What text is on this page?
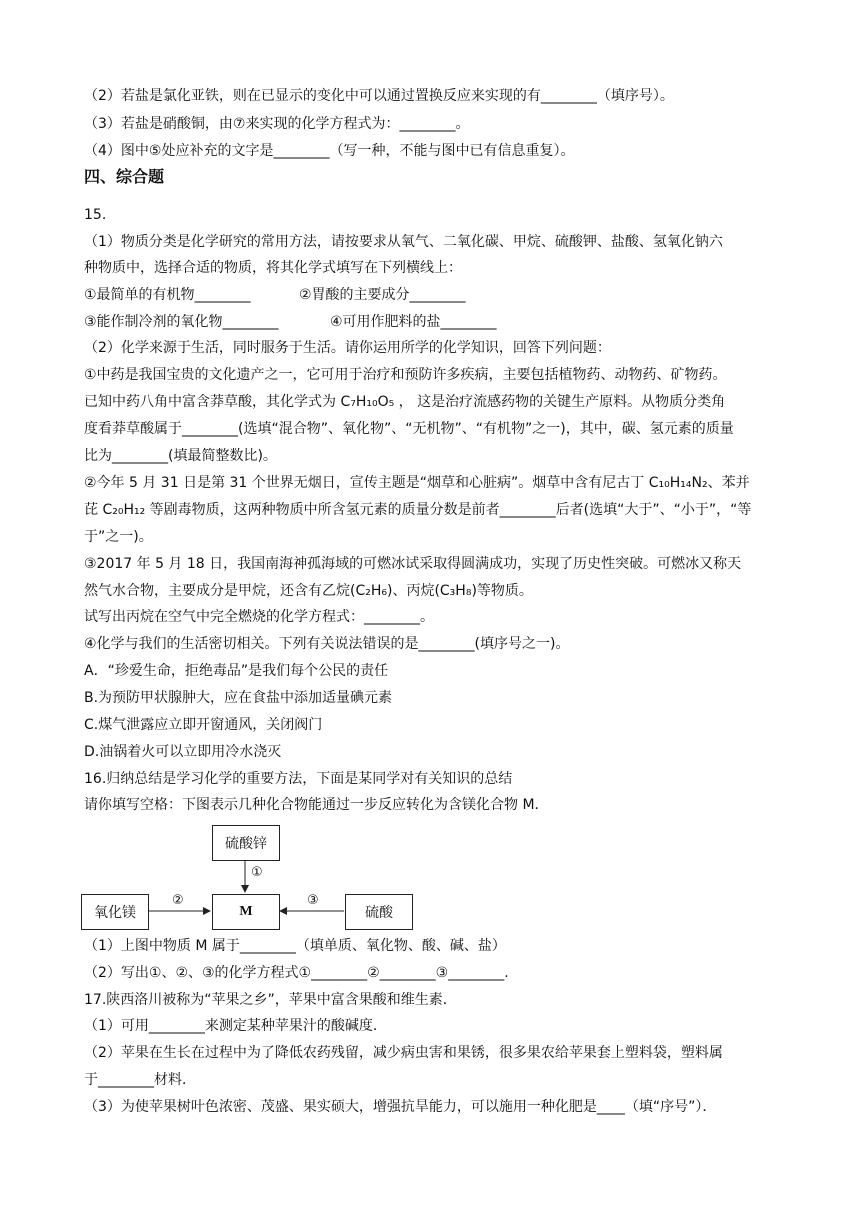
（2）若盐是氯化亚铁，则在已显示的变化中可以通过置换反应来实现的有________（填序号）。
（3）若盐是硝酸铜，由⑦来实现的化学方程式为：________。
（4）图中⑤处应补充的文字是________（写一种，不能与图中已有信息重复）。
四、综合题
15.
（1）物质分类是化学研究的常用方法，请按要求从氧气、二氧化碳、甲烷、硫酸钾、盐酸、氢氧化钠六
种物质中，选择合适的物质，将其化学式填写在下列横线上：
①最简单的有机物________	②胃酸的主要成分________
③能作制冷剂的氧化物________	④可用作肥料的盐________
（2）化学来源于生活，同时服务于生活。请你运用所学的化学知识，回答下列问题：
①中药是我国宝贵的文化遗产之一，它可用于治疗和预防许多疾病，主要包括植物药、动物药、矿物药。
已知中药八角中富含莽草酸，其化学式为 C₇H₁₀O₅ ， 这是治疗流感药物的关键生产原料。从物质分类角
度看莽草酸属于________(选填“混合物”、氧化物”、“无机物”、“有机物”之一)，其中，碳、氢元素的质量
比为________(填最简整数比)。
②今年 5 月 31 日是第 31 个世界无烟日，宣传主题是“烟草和心脏病”。烟草中含有尼古丁 C₁₀H₁₄N₂、苯并
芘 C₂₀H₁₂ 等剧毒物质，这两种物质中所含氢元素的质量分数是前者________后者(选填“大于”、“小于”，“等
于”之一)。
③2017 年 5 月 18 日，我国南海神孤海域的可燃冰试采取得圆满成功，实现了历史性突破。可燃冰又称天
然气水合物，主要成分是甲烷，还含有乙烷(C₂H₆)、丙烷(C₃H₈)等物质。
试写出丙烷在空气中完全燃烧的化学方程式：________。
④化学与我们的生活密切相关。下列有关说法错误的是________(填序号之一)。
A．“珍爱生命，拒绝毒品”是我们每个公民的责任
B.为预防甲状腺肿大，应在食盐中添加适量碘元素
C.煤气泄露应立即开窗通风，关闭阀门
D.油锅着火可以立即用冷水浇灭
16.归纳总结是学习化学的重要方法，下面是某同学对有关知识的总结
请你填写空格：下图表示几种化合物能通过一步反应转化为含镁化合物 M．
硫酸锌
氧化镁	M	硫酸
①
②	③
（1）上图中物质 M 属于________（填单质、氧化物、酸、碱、盐）
（2）写出①、②、③的化学方程式①________②________③________.
17.陕西洛川被称为“苹果之乡”，苹果中富含果酸和维生素．
（1）可用________来测定某种苹果汁的酸碱度．
（2）苹果在生长在过程中为了降低农药残留，减少病虫害和果锈，很多果农给苹果套上塑料袋，塑料属
于________材料．
（3）为使苹果树叶色浓密、茂盛、果实硕大，增强抗旱能力，可以施用一种化肥是____（填“序号”）．
